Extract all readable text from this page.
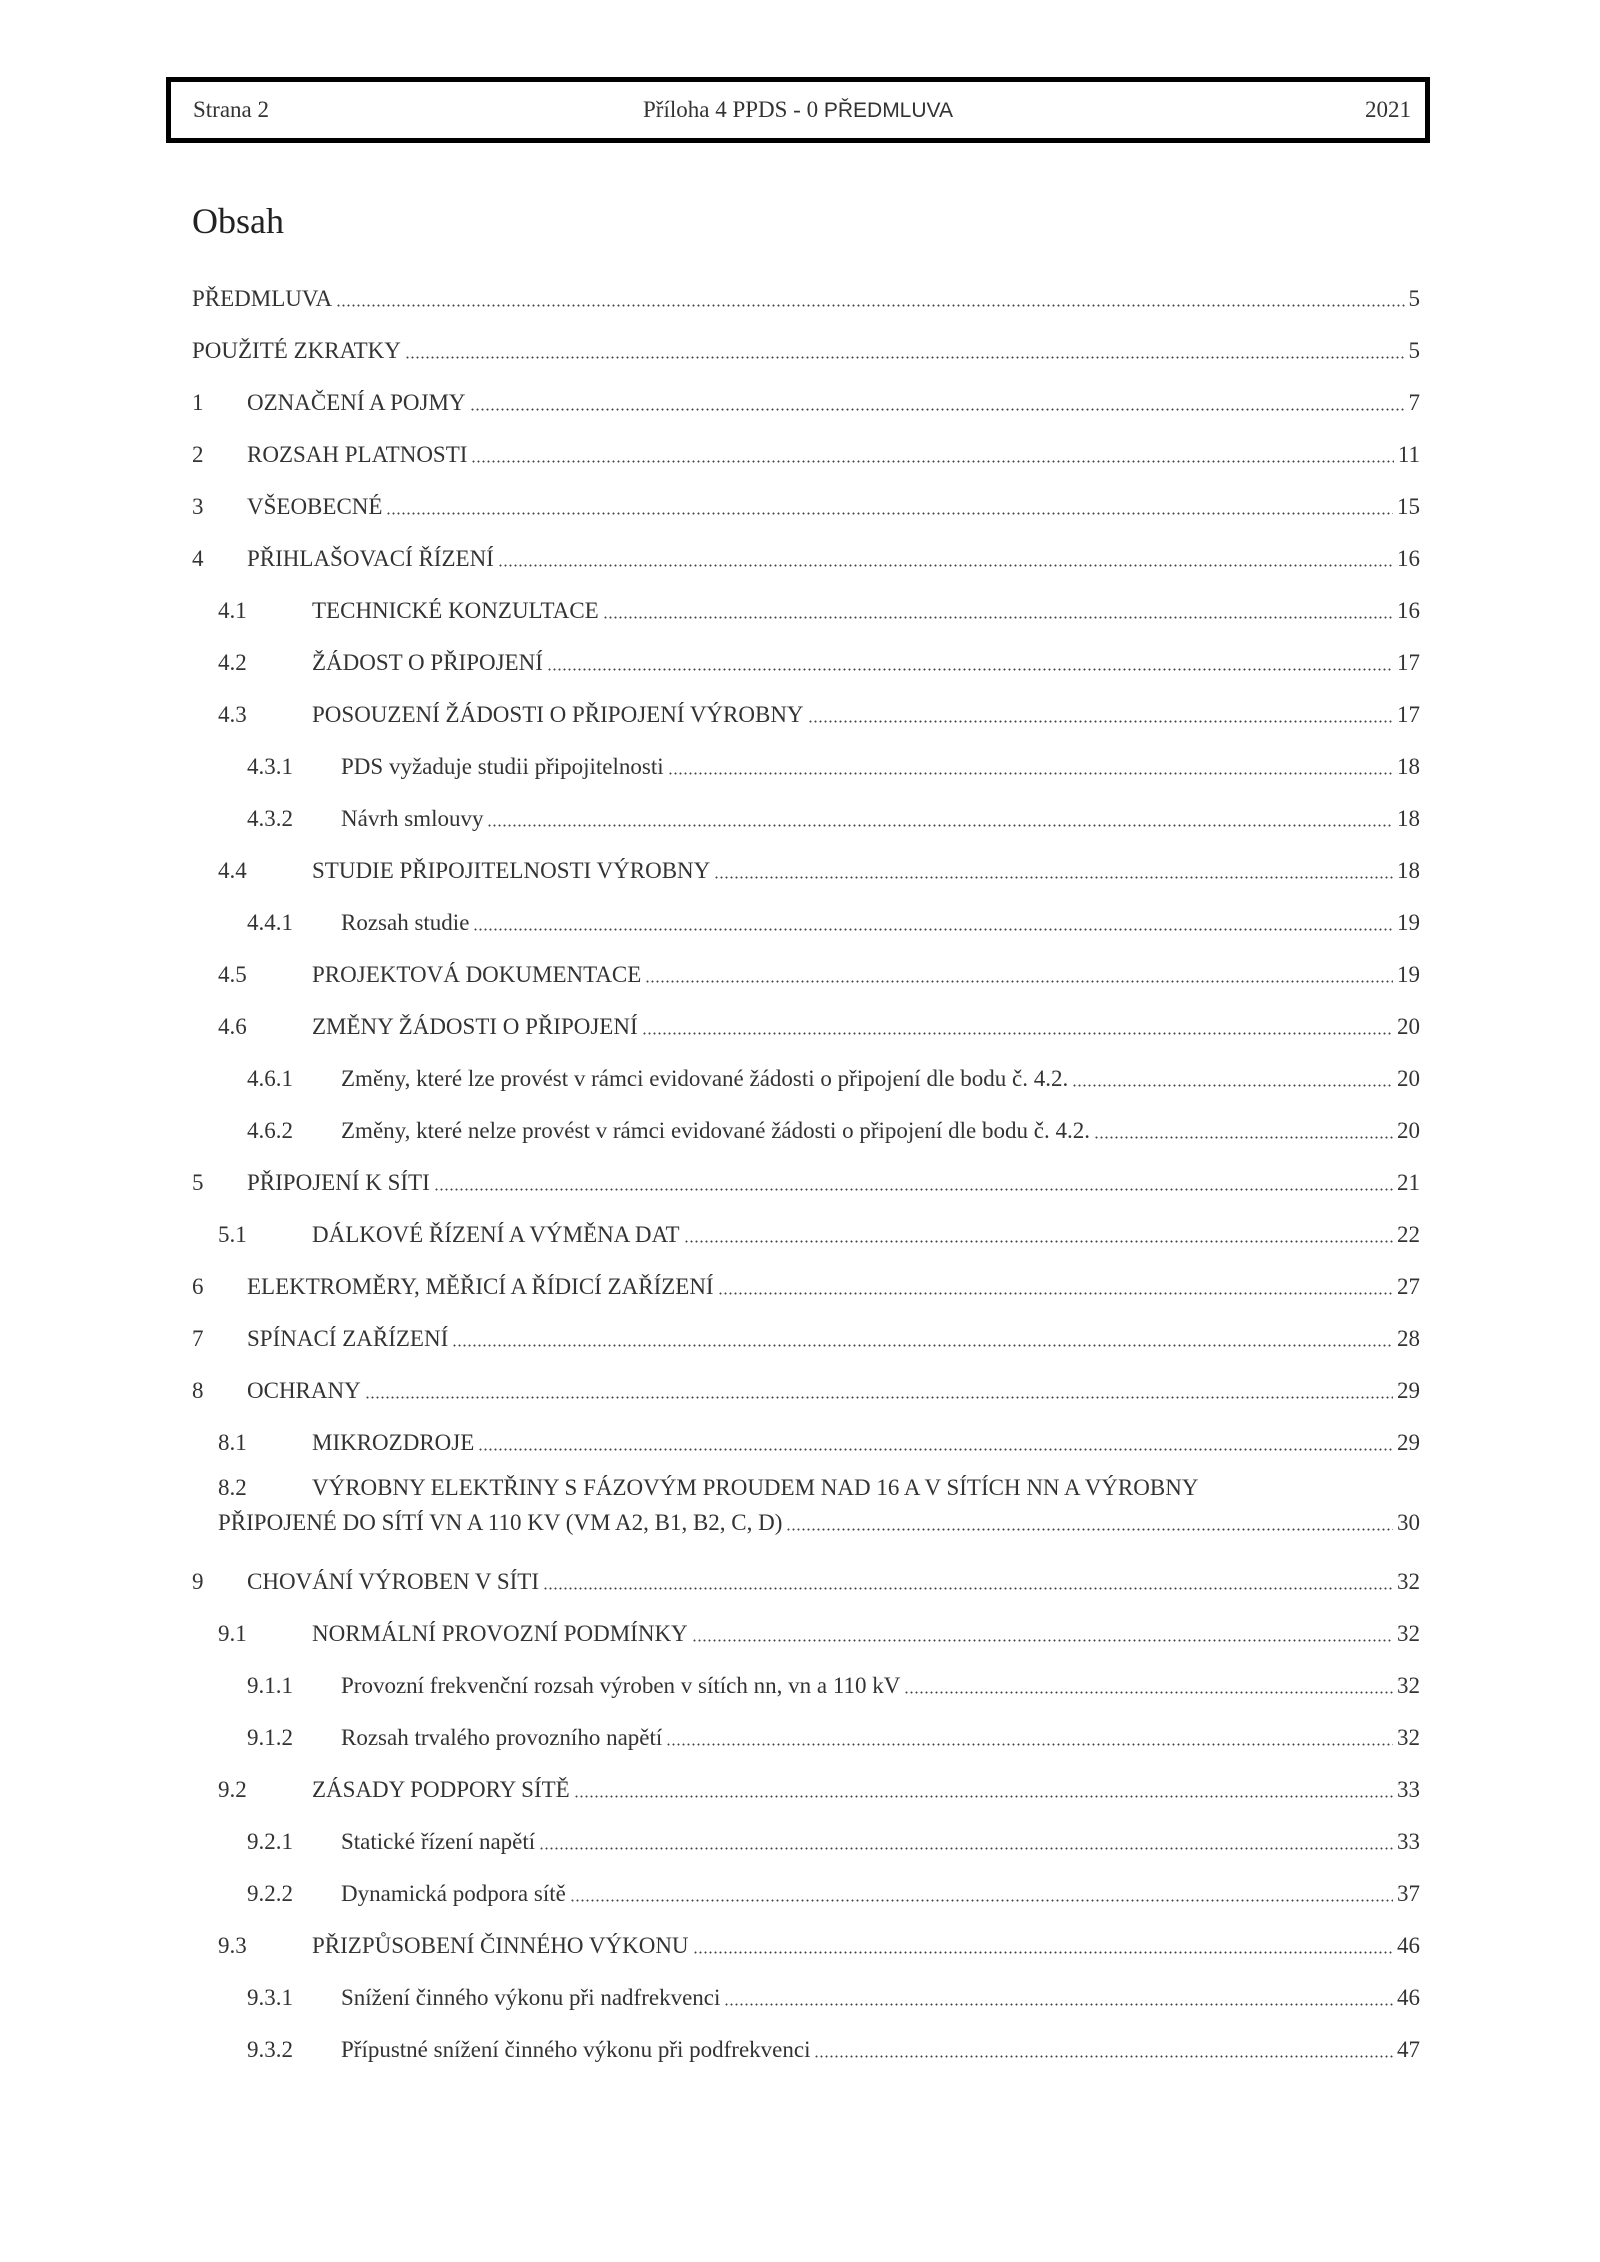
Strana 2	Příloha 4 PPDS - 0 PŘEDMLUVA	2021
Obsah
PŘEDMLUVA	5
POUŽITÉ ZKRATKY	5
1	OZNAČENÍ A POJMY	7
2	ROZSAH PLATNOSTI	11
3	VŠEOBECNÉ	15
4	PŘIHLAŠOVACÍ ŘÍZENÍ	16
4.1	TECHNICKÉ KONZULTACE	16
4.2	ŽÁDOST O PŘIPOJENÍ	17
4.3	POSOUZENÍ ŽÁDOSTI O PŘIPOJENÍ VÝROBNY	17
4.3.1	PDS vyžaduje studii připojitelnosti	18
4.3.2	Návrh smlouvy	18
4.4	STUDIE PŘIPOJITELNOSTI VÝROBNY	18
4.4.1	Rozsah studie	19
4.5	PROJEKTOVÁ DOKUMENTACE	19
4.6	ZMĚNY ŽÁDOSTI O PŘIPOJENÍ	20
4.6.1	Změny, které lze provést v rámci evidované žádosti o připojení dle bodu č. 4.2.	20
4.6.2	Změny, které nelze provést v rámci evidované žádosti o připojení dle bodu č. 4.2.	20
5	PŘIPOJENÍ K SÍTI	21
5.1	DÁLKOVÉ ŘÍZENÍ A VÝMĚNA DAT	22
6	ELEKTROMĚRY, MĚŘICÍ A ŘÍDICÍ ZAŘÍZENÍ	27
7	SPÍNACÍ ZAŘÍZENÍ	28
8	OCHRANY	29
8.1	MIKROZDROJE	29
8.2	VÝROBNY ELEKTŘINY S FÁZOVÝM PROUDEM NAD 16 A V SÍTÍCH NN A VÝROBNY
PŘIPOJENÉ DO SÍTÍ VN A 110 KV (VM A2, B1, B2, C, D)	30
9	CHOVÁNÍ VÝROBEN V SÍTI	32
9.1	NORMÁLNÍ PROVOZNÍ PODMÍNKY	32
9.1.1	Provozní frekvenční rozsah výroben v sítích nn, vn a 110 kV	32
9.1.2	Rozsah trvalého provozního napětí	32
9.2	ZÁSADY PODPORY SÍTĚ	33
9.2.1	Statické řízení napětí	33
9.2.2	Dynamická podpora sítě	37
9.3	PŘIZPŮSOBENÍ ČINNÉHO VÝKONU	46
9.3.1	Snížení činného výkonu při nadfrekvenci	46
9.3.2	Přípustné snížení činného výkonu při podfrekvenci	47
